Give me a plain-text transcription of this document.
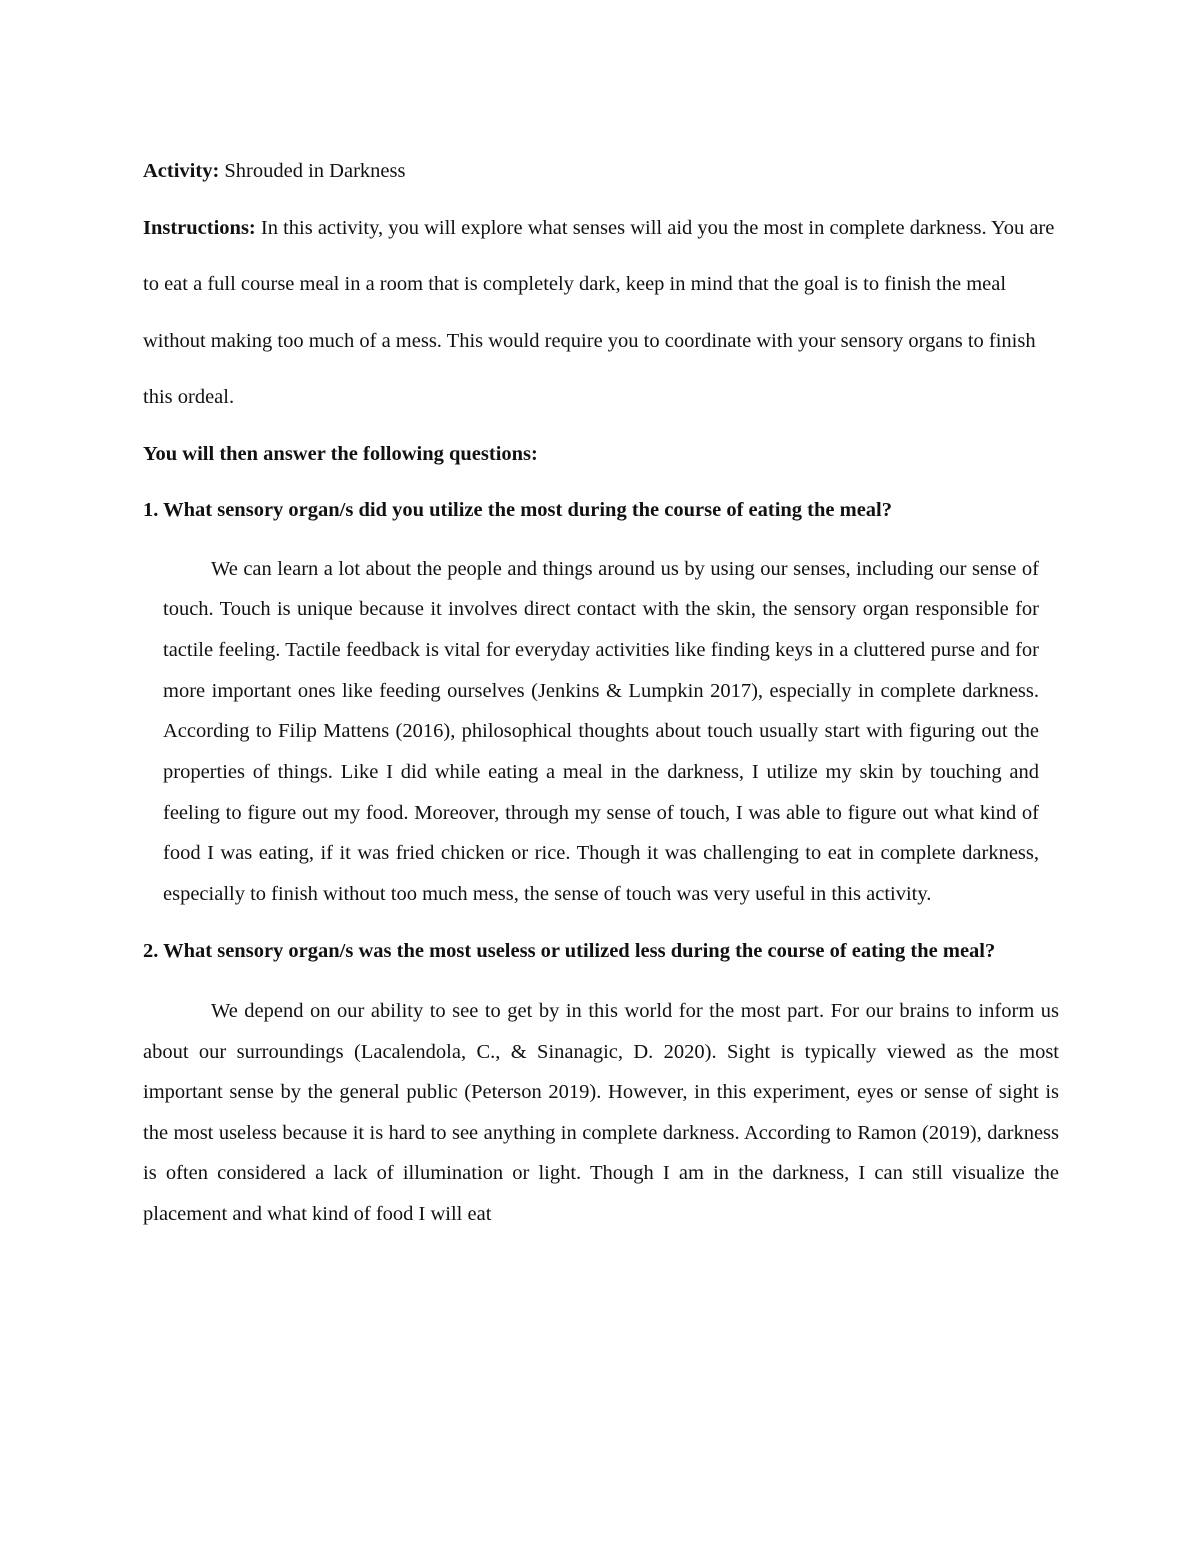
Activity: Shrouded in Darkness

Instructions: In this activity, you will explore what senses will aid you the most in complete darkness. You are to eat a full course meal in a room that is completely dark, keep in mind that the goal is to finish the meal without making too much of a mess. This would require you to coordinate with your sensory organs to finish this ordeal.

You will then answer the following questions:

1. What sensory organ/s did you utilize the most during the course of eating the meal?

We can learn a lot about the people and things around us by using our senses, including our sense of touch. Touch is unique because it involves direct contact with the skin, the sensory organ responsible for tactile feeling. Tactile feedback is vital for everyday activities like finding keys in a cluttered purse and for more important ones like feeding ourselves (Jenkins & Lumpkin 2017), especially in complete darkness. According to Filip Mattens (2016), philosophical thoughts about touch usually start with figuring out the properties of things. Like I did while eating a meal in the darkness, I utilize my skin by touching and feeling to figure out my food. Moreover, through my sense of touch, I was able to figure out what kind of food I was eating, if it was fried chicken or rice. Though it was challenging to eat in complete darkness, especially to finish without too much mess, the sense of touch was very useful in this activity.

2. What sensory organ/s was the most useless or utilized less during the course of eating the meal?

We depend on our ability to see to get by in this world for the most part. For our brains to inform us about our surroundings (Lacalendola, C., & Sinanagic, D. 2020). Sight is typically viewed as the most important sense by the general public (Peterson 2019). However, in this experiment, eyes or sense of sight is the most useless because it is hard to see anything in complete darkness. According to Ramon (2019), darkness is often considered a lack of illumination or light. Though I am in the darkness, I can still visualize the placement and what kind of food I will eat
